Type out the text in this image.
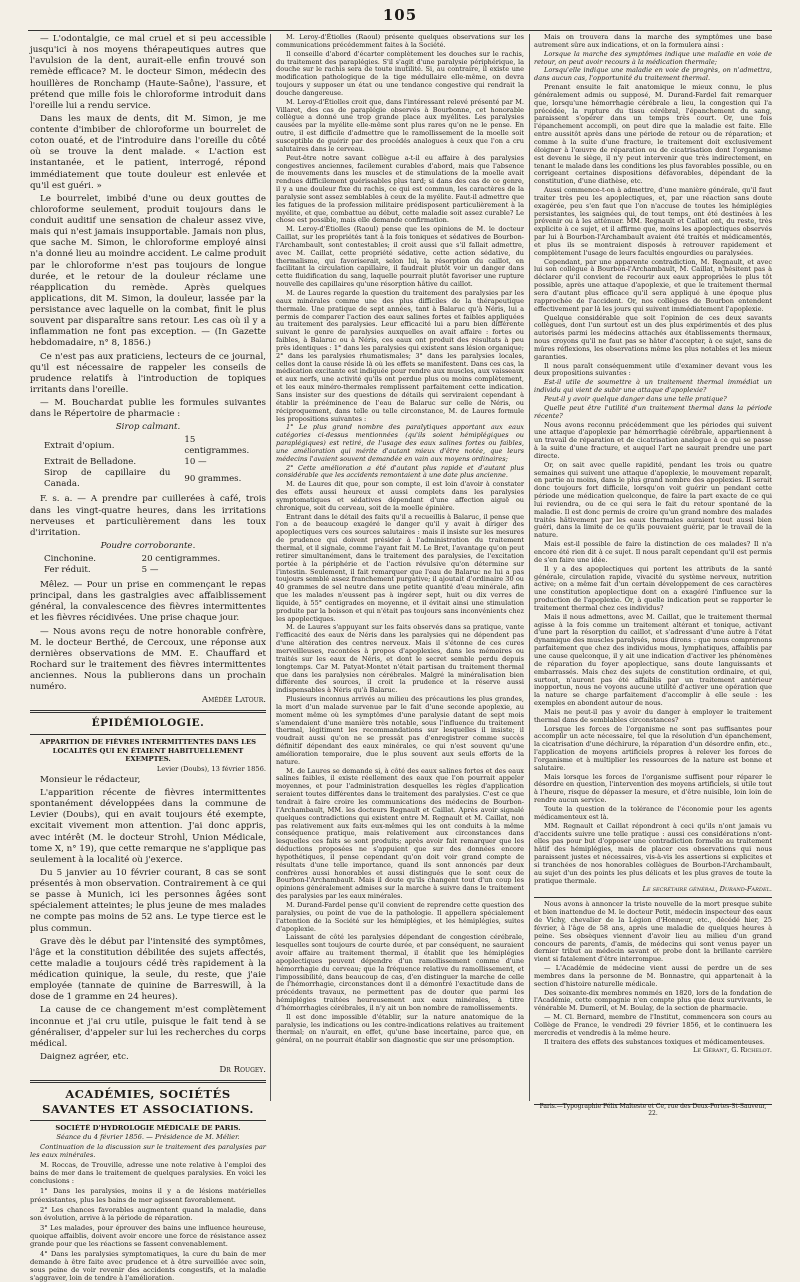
105

— L'odontalgie, ce mal cruel et si peu accessible jusqu'ici à nos moyens thérapeutiques autres que l'avulsion de la dent, aurait-elle enfin trouvé son remède efficace? M. le docteur Simon, médecin des houillères de Ronchamp (Haute-Saône), l'assure, et prétend que mille fois le chloroforme introduit dans l'oreille lui a rendu service.

Dans les maux de dents, dit M. Simon, je me contente d'imbiber de chloroforme un bourrelet de coton ouaté, et de l'introduire dans l'oreille du côté où se trouve la dent malade. « L'action est instantanée, et le patient, interrogé, répond immédiatement que toute douleur est enlevée et qu'il est guéri. »

Le bourrelet, imbibé d'une ou deux gouttes de chloroforme seulement, produit toujours dans le conduit auditif une sensation de chaleur assez vive, mais qui n'est jamais insupportable. Jamais non plus, que sache M. Simon, le chloroforme employé ainsi n'a donné lieu au moindre accident. Le calme produit par le chloroforme n'est pas toujours de longue durée, et le retour de la douleur réclame une réapplication du remède. Après quelques applications, dit M. Simon, la douleur, lassée par la persistance avec laquelle on la combat, finit le plus souvent par disparaître sans retour. Les cas où il y a inflammation ne font pas exception. — (In Gazette hebdomadaire, n° 8, 1856.)

Ce n'est pas aux praticiens, lecteurs de ce journal, qu'il est nécessaire de rappeler les conseils de prudence relatifs à l'introduction de topiques irritants dans l'oreille.

— M. Bouchardat publie les formules suivantes dans le Répertoire de pharmacie :

Sirop calmant.

Extrait d'opium.	15 centigrammes.
Extrait de Belladone.	10 —
Sirop de capillaire du Canada.	90 grammes.

F. s. a. — A prendre par cuillerées à café, trois dans les vingt-quatre heures, dans les irritations nerveuses et particulièrement dans les toux d'irritation.

Poudre corroborante.

Cinchonine.	20 centigrammes.
Fer réduit.	5 —

Mêlez. — Pour un prise en commençant le repas principal, dans les gastralgies avec affaiblissement général, la convalescence des fièvres intermittentes et les fièvres récidivées. Une prise chaque jour.

— Nous avons reçu de notre honorable confrère, M. le docteur Berthé, de Cercoux, une réponse aux dernières observations de MM. E. Chauffard et Rochard sur le traitement des fièvres intermittentes anciennes. Nous la publierons dans un prochain numéro.

Amédée Latour.

ÉPIDÉMIOLOGIE.

APPARITION DE FIÈVRES INTERMITTENTES DANS LES LOCALITÉS QUI EN ÉTAIENT HABITUELLEMENT EXEMPTES.

Levier (Doubs), 13 février 1856.

Monsieur le rédacteur,

L'apparition récente de fièvres intermittentes spontanément développées dans la commune de Levier (Doubs), qui en avait toujours été exempte, excitait vivement mon attention. J'ai donc appris, avec intérêt (M. le docteur Strohl, Union Médicale, tome X, n° 19), que cette remarque ne s'applique pas seulement à la localité où j'exerce.

Du 5 janvier au 10 février courant, 8 cas se sont présentés à mon observation. Contrairement à ce qui se passe à Munich, ici les personnes âgées sont spécialement atteintes; le plus jeune de mes malades ne compte pas moins de 52 ans. Le type tierce est le plus commun.

Grave dès le début par l'intensité des symptômes, l'âge et la constitution débilitée des sujets affectés, cette maladie a toujours cédé très rapidement à la médication quinique, la seule, du reste, que j'aie employée (tannate de quinine de Barreswill, à la dose de 1 gramme en 24 heures).

La cause de ce changement m'est complètement inconnue et j'ai cru utile, puisque le fait tend à se généraliser, d'appeler sur lui les recherches du corps médical.

Daignez agréer, etc.

Dr Rougey.

ACADÉMIES, SOCIÉTÉS SAVANTES ET ASSOCIATIONS.

SOCIÉTÉ D'HYDROLOGIE MÉDICALE DE PARIS.

Séance du 4 février 1856. — Présidence de M. Mélier.

Continuation de la discussion sur le traitement des paralysies par les eaux minérales.

M. Roccas, de Trouville, adresse une note relative à l'emploi des bains de mer dans le traitement de quelques paralysies. En voici les conclusions :

1° Dans les paralysies, moins il y a de lésions matérielles préexistantes, plus les bains de mer agissent favorablement.

2° Les chances favorables augmentent quand la maladie, dans son évolution, arrive à la période de réparation.

3° Les malades, pour éprouver des bains une influence heureuse, quoique affaiblis, doivent avoir encore une force de résistance assez grande pour que les réactions se fassent convenablement.

4° Dans les paralysies symptomatiques, la cure du bain de mer demande à être faite avec prudence et à être surveillée avec soin, sous peine de voir revenir des accidents congestifs, et la maladie s'aggraver, loin de tendre à l'amélioration.

M. Leroy-d'Étiolles (Raoul) présente quelques observations sur les communications précédemment faites à la Société.

Il conseille d'abord d'écarter complètement les douches sur le rachis, du traitement des paraplégies. S'il s'agit d'une paralysie périphérique, la douche sur le rachis sera de toute inutilité. Si, au contraire, il existe une modification pathologique de la tige médullaire elle-même, on devra toujours y supposer un état ou une tendance congestive qui rendrait la douche dangereuse.

M. Leroy-d'Étiolles croit que, dans l'intéressant relevé présenté par M. Villaret, des cas de paraplégie observés à Bourbonne, cet honorable collègue a donné une trop grande place aux myélites. Les paralysies causées par la myélite elle-même sont plus rares qu'on ne le pense. En outre, il est difficile d'admettre que le ramollissement de la moelle soit susceptible de guérir par des procédés analogues à ceux que l'on a cru salutaires dans le cerveau.

Peut-être notre savant collègue a-t-il eu affaire à des paralysies congestives anciennes, facilement curables d'abord, mais que l'absence de mouvements dans les muscles et de stimulations de la moelle avait rendues difficilement guérissables plus tard; si dans des cas de ce genre, il y a une douleur fixe du rachis, ce qui est commun, les caractères de la paralysie sont assez semblables à ceux de la myélite. Faut-il admettre que les fatigues de la profession militaire prédisposent particulièrement à la myélite, et que, combattue au début, cette maladie soit assez curable? Le chose est possible, mais elle demande confirmation.

M. Leroy-d'Étiolles (Raoul) pense que les opinions de M. le docteur Caillat, sur les propriétés tant à la fois toniques et sédatives de Bourbon-l'Archambault, sont contestables; il croit aussi que s'il fallait admettre, avec M. Caillat, cette propriété sédative, cette action sédative, du thermalisme, qui favoriserait, selon lui, la résorption du caillot, en facilitant la circulation capillaire, il faudrait plutôt voir un danger dans cette fluidification du sang, laquelle pourrait plutôt favoriser une rupture nouvelle des capillaires qu'une résorption hâtive du caillot.

M. de Laures regarde la question du traitement des paralysies par les eaux minérales comme une des plus difficiles de la thérapeutique thermale. Une pratique de sept années, tant à Balaruc qu'à Néris, lui a permis de comparer l'action des eaux salines fortes et faibles appliquées au traitement des paralysies. Leur efficacité lui a paru bien différente suivant le genre de paralysies auxquelles on avait affaire : fortes ou faibles, à Balaruc ou à Néris, ces eaux ont produit des résultats à peu près identiques : 1° dans les paralysies qui existent sans lésion organique; 2° dans les paralysies rhumatismales; 3° dans les paralysies locales, celles dont la cause réside là où les effets se manifestent. Dans ces cas, la médication excitante est indiquée pour rendre aux muscles, aux vaisseaux et aux nerfs, une activité qu'ils ont perdue plus ou moins complètement, et les eaux minéro-thermales remplissent parfaitement cette indication. Sans insister sur des questions de détails qui serviraient cependant à établir la prééminence de l'eau de Balaruc sur celle de Néris, ou réciproquement, dans telle ou telle circonstance, M. de Laures formule les propositions suivantes :

1° Le plus grand nombre des paralytiques apportant aux eaux catégories ci-dessus mentionnées (qu'ils soient hémiplégiques ou paraplégiques) est retiré, de l'usage des eaux salines fortes ou faibles, une amélioration qui mérite d'autant mieux d'être notée, que leurs médecins l'avaient souvent demandée en vain aux moyens ordinaires;

2° Cette amélioration a été d'autant plus rapide et d'autant plus considérable que les accidents remontaient à une date plus ancienne.

M. de Laures dit que, pour son compte, il est loin d'avoir à constater des effets aussi heureux et aussi complets dans les paralysies symptomatiques et sédatives dépendant d'une affection aiguë ou chronique, soit du cerveau, soit de la moelle épinière.

Entrant dans le détail des faits qu'il a recueillis à Balaruc, il pense que l'on a de beaucoup exagéré le danger qu'il y avait à diriger des apoplectiques vers ces sources salutaires : mais il insiste sur les mesures de prudence qui doivent présider à l'administration du traitement thermal, et il signale, comme l'ayant fait M. Le Bret, l'avantage qu'on peut retirer simultanément, dans le traitement des paralysies, de l'excitation portée à la périphérie et de l'action révulsive qu'on détermine sur l'intestin. Seulement, il fait remarquer que l'eau de Balaruc ne lui a pas toujours semblé assez franchement purgative; il ajoutait d'ordinaire 30 ou 40 grammes de sel neutre dans une petite quantité d'eau minérale, afin que les malades n'eussent pas à ingérer sept, huit ou dix verres de liquide, à 55° centigrades en moyenne, et il évitait ainsi une stimulation produite par la boisson et qui n'était pas toujours sans inconvénients chez les apoplectiques.

M. de Laures s'appuyant sur les faits observés dans sa pratique, vante l'efficacité des eaux de Néris dans les paralysies qui ne dépendent pas d'une altération des centres nerveux. Mais il s'étonne de ces cures merveilleuses, racontées à propos d'apoplexies, dans les mémoires ou traités sur les eaux de Néris, et dont le secret semble perdu depuis longtemps. Car M. Patyat-Montet n'était partisan du traitement thermal que dans les paralysies non cérébrales. Malgré la minéralisation bien différente des sources, il croit la prudence et la réserve aussi indispensables à Néris qu'à Balaruc.

Plusieurs inconnus arrivés au milieu des précautions les plus grandes, la mort d'un malade survenue par le fait d'une seconde apoplexie, au moment même où les symptômes d'une paralysie datant de sept mois s'amendaient d'une manière très notable, sous l'influence du traitement thermal, légitiment les recommandations sur lesquelles il insiste; il voudrait aussi qu'on ne se pressât pas d'enregistrer comme succès définitif dépendant des eaux minérales, ce qui n'est souvent qu'une amélioration temporaire, due le plus souvent aux seuls efforts de la nature.

M. de Laures se demande si, à côté des eaux salines fortes et des eaux salines faibles, il existe réellement des eaux que l'on pourrait appeler moyennes, et pour l'administration desquelles les règles d'application seraient toutes différentes dans le traitement des paralysies. C'est ce que tendrait à faire croire les communications des médecins de Bourbon-l'Archambault, MM. les docteurs Regnault et Caillat. Après avoir signalé quelques contradictions qui existent entre M. Regnault et M. Caillat, non pas relativement aux faits eux-mêmes qui les ont conduits à la même conséquence pratique, mais relativement aux circonstances dans lesquelles ces faits se sont produits; après avoir fait remarquer que les déductions proposées ne s'appuient que sur des données encore hypothétiques, il pense cependant qu'on doit voir grand compte de résultats d'une telle importance, quand ils sont annoncés par deux confrères aussi honorables et aussi distingués que le sont ceux de Bourbon-l'Archambault. Mais il doute qu'ils changent tout d'un coup les opinions généralement admises sur la marche à suivre dans le traitement des paralysies par les eaux minérales.

M. Durand-Fardel pense qu'il convient de reprendre cette question des paralysies, ou point de vue de la pathologie. Il appellera spécialement l'attention de la Société sur les hémiplégies, et les hémiplégies, suites d'apoplexie.

Laissant de côté les paralysies dépendant de congestion cérébrale, lesquelles sont toujours de courte durée, et par conséquent, ne sauraient avoir affaire au traitement thermal, il établit que les hémiplégies apoplectiques peuvent dépendre d'un ramollissement comme d'une hémorrhagie du cerveau; que la fréquence relative du ramollissement, et l'impossibilité, dans beaucoup de cas, d'en distinguer la marche de celle de l'hémorrhagie, circonstances dont il a démontré l'exactitude dans de précédents travaux, ne permettent pas de douter que parmi les hémiplégies traitées heureusement aux eaux minérales, à titre d'hémorrhagies cérébrales, il n'y ait un bon nombre de ramollissements.

Il est donc impossible d'établir, sur la nature anatomique de la paralysie, les indications ou les contre-indications relatives au traitement thermal; on n'aurait, en effet, qu'une base incertaine, parce que, en général, on ne pourrait établir son diagnostic que sur une présomption.

Mais on trouvera dans la marche des symptômes une base autrement sûre aux indications, et on la formulera ainsi :

Lorsque la marche des symptômes indique une maladie en voie de retour, on peut avoir recours à la médication thermale;

Lorsqu'elle indique une maladie en voie de progrès, on n'admettra, dans aucun cas, l'opportunité du traitement thermal.

Prenant ensuite le fait anatomique le mieux connu, le plus généralement admis ou supposé, M. Durand-Fardel fait remarquer que, lorsqu'une hémorrhagie cérébrale a lieu, la congestion qui l'a précédée, la rupture du tissu cérébral, l'épanchement du sang, paraissent s'opérer dans un temps très court. Or, une fois l'épanchement accompli, on peut dire que la maladie est faite. Elle entre aussitôt après dans une période de retour ou de réparation; et comme à la suite d'une fracture, le traitement doit exclusivement éloigner à l'œuvre de réparation ou de cicatrisation dont l'organisme est devenu le siège, il n'y peut intervenir que très indirectement, en tenant le malade dans les conditions les plus favorables possible, ou en corrigeant certaines dispositions défavorables, dépendant de la constitution, d'une diathèse, etc.

Aussi commence-t-on à admettre, d'une manière générale, qu'il faut traiter très peu les apoplectiques, et, par une réaction sans doute exagérée, peu s'en faut que l'on n'accuse de toutes les hémiplégies persistantes, les saignées qui, de tout temps, ont été destinées à les prévenir ou à les atténuer. MM. Regnault et Caillat ont, du reste, très explicite à ce sujet, et il affirme que, moins les apoplectiques observés par lui à Bourbon-l'Archambault avaient été traités et médicamentés, et plus ils se montraient disposés à retrouver rapidement et complètement l'usage de leurs facultés engourdies ou paralysées.

Cependant, par une apparente contradiction, M. Regnault, et avec lui son collègue à Bourbon-l'Archambault, M. Caillat, n'hésitent pas à déclarer qu'il convient de recourir aux eaux appropriées le plus tôt possible, après une attaque d'apoplexie, et que le traitement thermal sera d'autant plus efficace qu'il sera appliqué à une époque plus rapprochée de l'accident. Or, nos collègues de Bourbon entendent effectivement par là les jours qui suivent immédiatement l'apoplexie.

Quelque considérable que soit l'opinion de ces deux savants collègues, dont l'un surtout est un des plus expérimentés et des plus autorisés parmi les médecins attachés aux établissements thermaux, nous croyons qu'il ne faut pas se hâter d'accepter, à ce sujet, sans de mûres réflexions, les observations même les plus notables et les mieux garanties.

Il nous paraît conséquemment utile d'examiner devant vous les deux propositions suivantes :

Est-il utile de soumettre à un traitement thermal immédiat un individu qui vient de subir une attaque d'apoplexie?

Peut-il y avoir quelque danger dans une telle pratique?

Quelle peut être l'utilité d'un traitement thermal dans la période récente?

Nous avons reconnu précédemment que les périodes qui suivent une attaque d'apoplexie par hémorrhagie cérébrale, appartiennent à un travail de réparation et de cicatrisation analogue à ce qui se passe à la suite d'une fracture, et auquel l'art ne saurait prendre une part directe.

Or, on sait avec quelle rapidité, pendant les trois ou quatre semaines qui suivent une attaque d'apoplexie, le mouvement reparaît, en partie au moins, dans le plus grand nombre des apoplexies. Il serait donc toujours fort difficile, lorsqu'on voit guérir un pendant cette période une médication quelconque, de faire la part exacte de ce qui lui reviendra, ou de ce qui sera le fait du retour spontané de la maladie. Il est donc permis de croire qu'un grand nombre des malades traités hâtivement par les eaux thermales auraient tout aussi bien guéri, dans la limite de ce qu'ils pouvaient guérir, par le travail de la nature.

Mais est-il possible de faire la distinction de ces malades? Il n'a encore été rien dit à ce sujet. Il nous paraît cependant qu'il est permis de s'en faire une idée.

Il y a des apoplectiques qui portent les attributs de la santé générale, circulation rapide, vivacité du système nerveux, nutrition active; on a même fait d'un certain développement de ces caractères une constitution apoplectique dont on a exagéré l'influence sur la production de l'apoplexie. Or, à quelle indication peut se rapporter le traitement thermal chez ces individus?

Mais il nous admettons, avec M. Caillat, que le traitement thermal agisse à la fois comme un traitement altérant et tonique, activant d'une part la résorption du caillot, et s'adressant d'une autre à l'état dynamique des muscles paralysés, nous dirons : que nous comprenons parfaitement que chez des individus mous, lymphatiques, affaiblis par une cause quelconque, il y ait une indication d'activer les phénomènes de réparation du foyer apoplectique, sans doute languissants et embarrassés. Mais chez des sujets de constitution ordinaire, et qui, surtout, n'auront pas été affaiblis par un traitement antérieur inopportun, nous ne voyons aucune utilité d'activer une opération que la nature se charge parfaitement d'accomplir à elle seule : les exemples en abondent autour de nous.

Mais ne peut-il pas y avoir du danger à employer le traitement thermal dans de semblables circonstances?

Lorsque les forces de l'organisme ne sont pas suffisantes pour accomplir un acte nécessaire, tel que la résolution d'un épanchement, la cicatrisation d'une déchirure, la réparation d'un désordre enfin, etc., l'application de moyens artificiels propres à relever les forces de l'organisme et à multiplier les ressources de la nature est bonne et salutaire.

Mais lorsque les forces de l'organisme suffisent pour réparer le désordre en question, l'intervention des moyens artificiels, si utile tout à l'heure, risque de dépasser la mesure, et d'être nuisible, loin loin de rendre aucun service.

Toute la question de la tolérance de l'économie pour les agents médicamenteux est là.

MM. Regnault et Caillat répondront à ceci qu'ils n'ont jamais vu d'accidents suivre une telle pratique : aussi ces considérations n'ont-elles pas pour but d'opposer une contradiction formelle au traitement hâtif des hémiplégies, mais de placer ces observations qui nous paraissent justes et nécessaires, vis-à-vis les assertions si explicites et si tranchées de nos honorables collègues de Bourbon-l'Archambault, au sujet d'un des points les plus délicats et les plus graves de toute la pratique thermale.

Le secrétaire général, Durand-Fardel.

Nous avons à annoncer la triste nouvelle de la mort presque subite et bien inattendue de M. le docteur Petit, médecin inspecteur des eaux de Vichy, chevalier de la Légion d'Honneur, etc., décédé hier, 25 février, à l'âge de 58 ans, après une maladie de quelques heures à peine. Ses obsèques viennent d'avoir lieu au milieu d'un grand concours de parents, d'amis, de médecins qui sont venus payer un dernier tribut au médecin savant et probe dont la brillante carrière vient si fatalement d'être interrompue.

— L'Académie de médecine vient aussi de perdre un de ses membres dans la personne de M. Bonnastre, qui appartenait à la section d'histoire naturelle médicale.

Des soixante-dix membres nommés en 1820, lors de la fondation de l'Académie, cette compagnie n'en compte plus que deux survivants, le vénérable M. Dumeril, et M. Boulay, de la section de pharmacie.

— M. Cl. Bernard, membre de l'Institut, commencera son cours au Collège de France, le vendredi 29 février 1856, et le continuera les mercredis et vendredis à la même heure.

Il traitera des effets des substances toxiques et médicamenteuses.

Le Gérant, G. Richelot.

Paris.—Typographie Félix Malteste et Ce, rue des Deux-Portes-St-Sauveur, 22.
